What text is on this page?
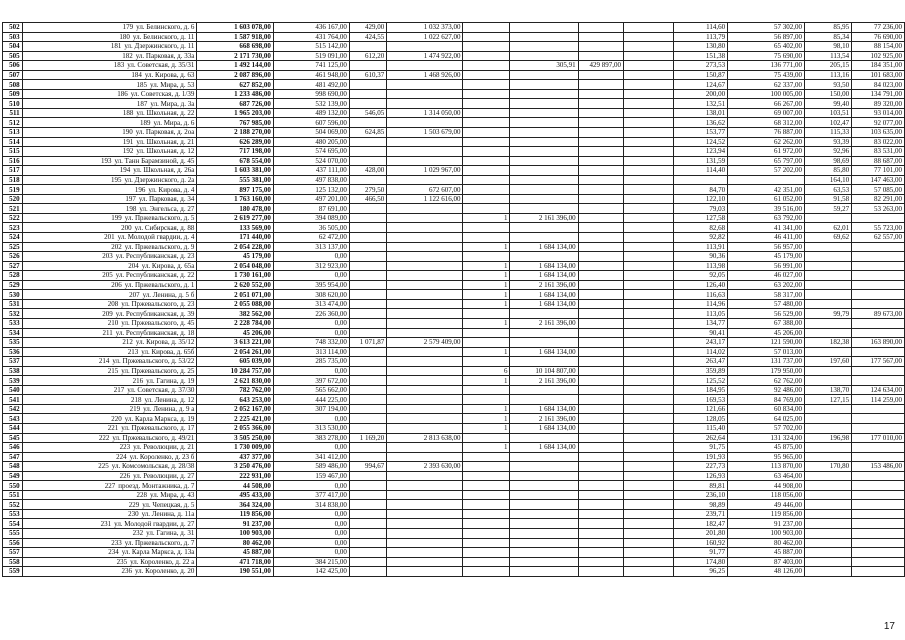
502	179 ул. Белинского, д. 6	1 603 078,00	436 167,00	429,00	1 032 373,00					114,60	57 302,00	85,95	77 236,00
503	180 ул. Белинского, д. 11	1 587 918,00	431 764,00	424,55	1 022 627,00					113,79	56 897,00	85,34	76 690,00
504	181 ул. Дзержинского, д. 11	668 698,00	515 142,00							130,80	65 402,00	98,10	88 154,00
505	182 ул. Парковая, д. 33а	2 171 730,00	519 091,00	612,20	1 474 922,00					151,38	75 690,00	113,54	102 925,00
506	183 ул. Советская, д. 35/31	1 492 144,00	741 125,00				305,91	429 897,00		273,53	136 771,00	205,15	184 351,00
507	184 ул. Кирова, д. 63	2 087 896,00	461 948,00	610,37	1 468 926,00					150,87	75 439,00	113,16	101 683,00
508	185 ул. Мира, д. 53	627 852,00	481 492,00							124,67	62 337,00	93,50	84 023,00
509	186 ул. Советская, д. 1/39	1 233 486,00	998 690,00							200,00	100 005,00	150,00	134 791,00
510	187 ул. Мира, д. 3а	687 726,00	532 139,00							132,51	66 267,00	99,40	89 320,00
511	188 ул. Школьная, д. 22	1 965 203,00	489 132,00	546,05	1 314 050,00					138,01	69 007,00	103,51	93 014,00
512	189 ул. Мира, д. 6	767 985,00	607 596,00							136,62	68 312,00	102,47	92 077,00
513	190 ул. Парковая, д. 2оа	2 188 270,00	504 069,00	624,85	1 503 679,00					153,77	76 887,00	115,33	103 635,00
514	191 ул. Школьная, д. 21	626 289,00	480 205,00							124,52	62 262,00	93,39	83 022,00
515	192 ул. Школьная, д. 12	717 198,00	574 695,00							123,94	61 972,00	92,96	83 531,00
516	193 ул. Танн Барамзиной, д. 45	678 554,00	524 070,00							131,59	65 797,00	98,69	88 687,00
517	194 ул. Школьная, д. 26а	1 603 381,00	437 111,00	428,00	1 029 967,00					114,40	57 202,00	85,80	77 101,00
518	195 ул. Дзержинского, д. 2а	555 381,00	497 838,00									164,10	147 463,00
519	196 ул. Кирова, д. 4	897 175,00	125 132,00	279,50	672 607,00					84,70	42 351,00	63,53	57 085,00
520	197 ул. Парковая, д. 34	1 763 160,00	497 201,00	466,50	1 122 616,00					122,10	61 052,00	91,58	82 291,00
521	198 ул. Энгельса, д. 27	180 478,00	87 691,00							79,03	39 516,00	59,27	53 263,00
522	199 ул. Пржевальского, д. 5	2 619 277,00	394 089,00			1	2 161 396,00			127,58	63 792,00		
523	200 ул. Сибирская, д. 88	133 569,00	36 505,00							82,68	41 341,00	62,01	55 723,00
524	201 ул. Молодой гвардии, д. 4	171 440,00	62 472,00							92,82	46 411,00	69,62	62 557,00
525	202 ул. Пржевальского, д. 9	2 054 228,00	313 137,00			1	1 684 134,00			113,91	56 957,00		
526	203 ул. Республиканская, д. 23	45 179,00	0,00							90,36	45 179,00		
527	204 ул. Кирова, д. 65а	2 054 048,00	312 923,00			1	1 684 134,00			113,98	56 991,00		
528	205 ул. Республиканская, д. 22	1 730 161,00	0,00			1	1 684 134,00			92,05	46 027,00		
529	206 ул. Пржевальского, д. 1	2 620 552,00	395 954,00			1	2 161 396,00			126,40	63 202,00		
530	207 ул. Ленина, д. 5 б	2 051 071,00	308 620,00			1	1 684 134,00			116,63	58 317,00		
531	208 ул. Пржевальского, д. 23	2 055 088,00	313 474,00			1	1 684 134,00			114,96	57 480,00		
532	209 ул. Республиканская, д. 39	382 562,00	226 360,00							113,05	56 529,00	99,79	89 673,00
533	210 ул. Пржевальского, д. 45	2 228 784,00	0,00			1	2 161 396,00			134,77	67 388,00		
534	211 ул. Республиканская, д. 18	45 206,00	0,00							90,41	45 206,00		
535	212 ул. Кирова, д. 35/12	3 613 221,00	748 332,00	1 071,87	2 579 409,00					243,17	121 590,00	182,38	163 890,00
536	213 ул. Кирова, д. 65б	2 054 261,00	313 114,00			1	1 684 134,00			114,02	57 013,00		
537	214 ул. Пржевальского, д. 53/22	605 039,00	285 735,00							263,47	131 737,00	197,60	177 567,00
538	215 ул. Пржевальского, д. 25	10 284 757,00	0,00			6	10 104 807,00			359,89	179 950,00		
539	216 ул. Гагина, д. 19	2 621 830,00	397 672,00			1	2 161 396,00			125,52	62 762,00		
540	217 ул. Советская, д. 37/30	782 762,00	565 662,00							184,95	92 486,00	138,70	124 634,00
541	218 ул. Ленина, д. 12	643 253,00	444 225,00							169,53	84 769,00	127,15	114 259,00
542	219 ул. Ленина, д. 9 а	2 052 167,00	307 194,00			1	1 684 134,00			121,66	60 834,00		
543	220 ул. Карла Маркса, д. 19	2 225 421,00	0,00			1	2 161 396,00			128,05	64 025,00		
544	221 ул. Пржевальского, д. 17	2 055 366,00	313 530,00			1	1 684 134,00			115,40	57 702,00		
545	222 ул. Пржевальского, д. 49/21	3 505 250,00	383 278,00	1 169,20	2 813 638,00					262,64	131 324,00	196,98	177 010,00
546	223 ул. Революции, д. 21	1 730 009,00	0,00			1	1 684 134,00			91,75	45 875,00		
547	224 ул. Короленко, д. 23 б	437 377,00	341 412,00							191,93	95 965,00		
548	225 ул. Комсомольская, д. 28/38	3 250 476,00	589 486,00	994,67	2 393 630,00					227,73	113 870,00	170,80	153 486,00
549	226 ул. Революции, д. 27	222 931,00	159 467,00							126,93	63 464,00		
550	227 проезд. Монтажника, д. 7	44 508,00	0,00							89,81	44 908,00		
551	228 ул. Мира, д. 43	495 433,00	377 417,00							236,10	118 056,00		
552	229 ул. Чепецкая, д. 5	364 324,00	314 838,00							98,89	49 446,00		
553	230 ул. Ленина, д. 11а	119 856,00	0,00							239,71	119 856,00		
554	231 ул. Молодой гвардии, д. 27	91 237,00	0,00							182,47	91 237,00		
555	232 ул. Гагина, д. 31	100 903,00	0,00							201,80	100 903,00		
556	233 ул. Пржевальского, д. 7	80 462,00	0,00							160,92	80 462,00		
557	234 ул. Карла Маркса, д. 13а	45 887,00	0,00							91,77	45 887,00		
558	235 ул. Короленко, д. 22 а	471 718,00	384 215,00							174,80	87 403,00		
559	236 ул. Короленко, д. 20	190 551,00	142 425,00							96,25	48 126,00		
17
